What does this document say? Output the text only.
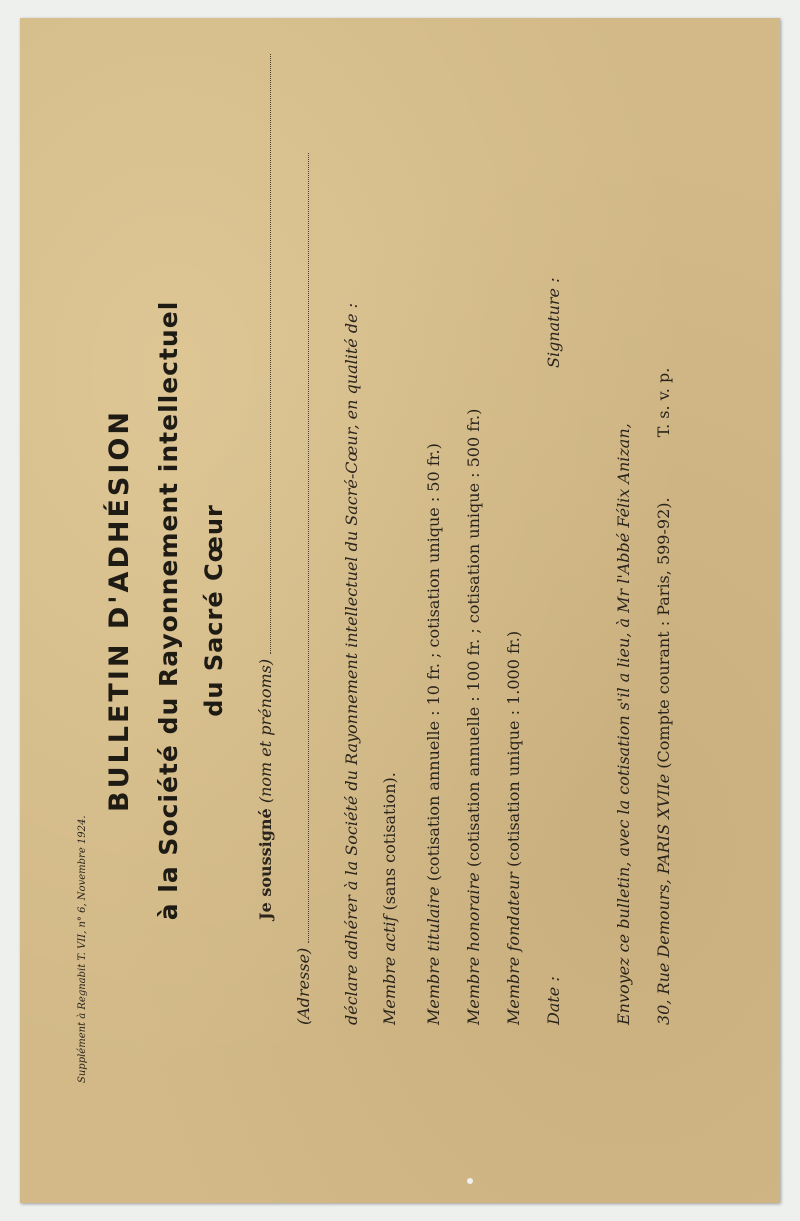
Supplément à Regnabit T. VII, n° 6, Novembre 1924.
BULLETIN D'ADHÉSION à la Société du Rayonnement intellectuel du Sacré Cœur
Je soussigné (nom et prénoms)
(Adresse) déclare adhérer à la Société du Rayonnement intellectuel du Sacré-Cœur, en qualité de : Membre actif (sans cotisation).
Membre titulaire (cotisation annuelle : 10 fr. ; cotisation unique : 50 fr.)
Membre honoraire (cotisation annuelle : 100 fr. ; cotisation unique : 500 fr.)
Membre fondateur (cotisation unique : 1.000 fr.)
Date :
Signature :
Envoyez ce bulletin, avec la cotisation s'il a lieu, à Mr l'Abbé Félix Anizan, 30, Rue Demours, PARIS XVIIe (Compte courant : Paris, 599-92).  T. s. v. p.
